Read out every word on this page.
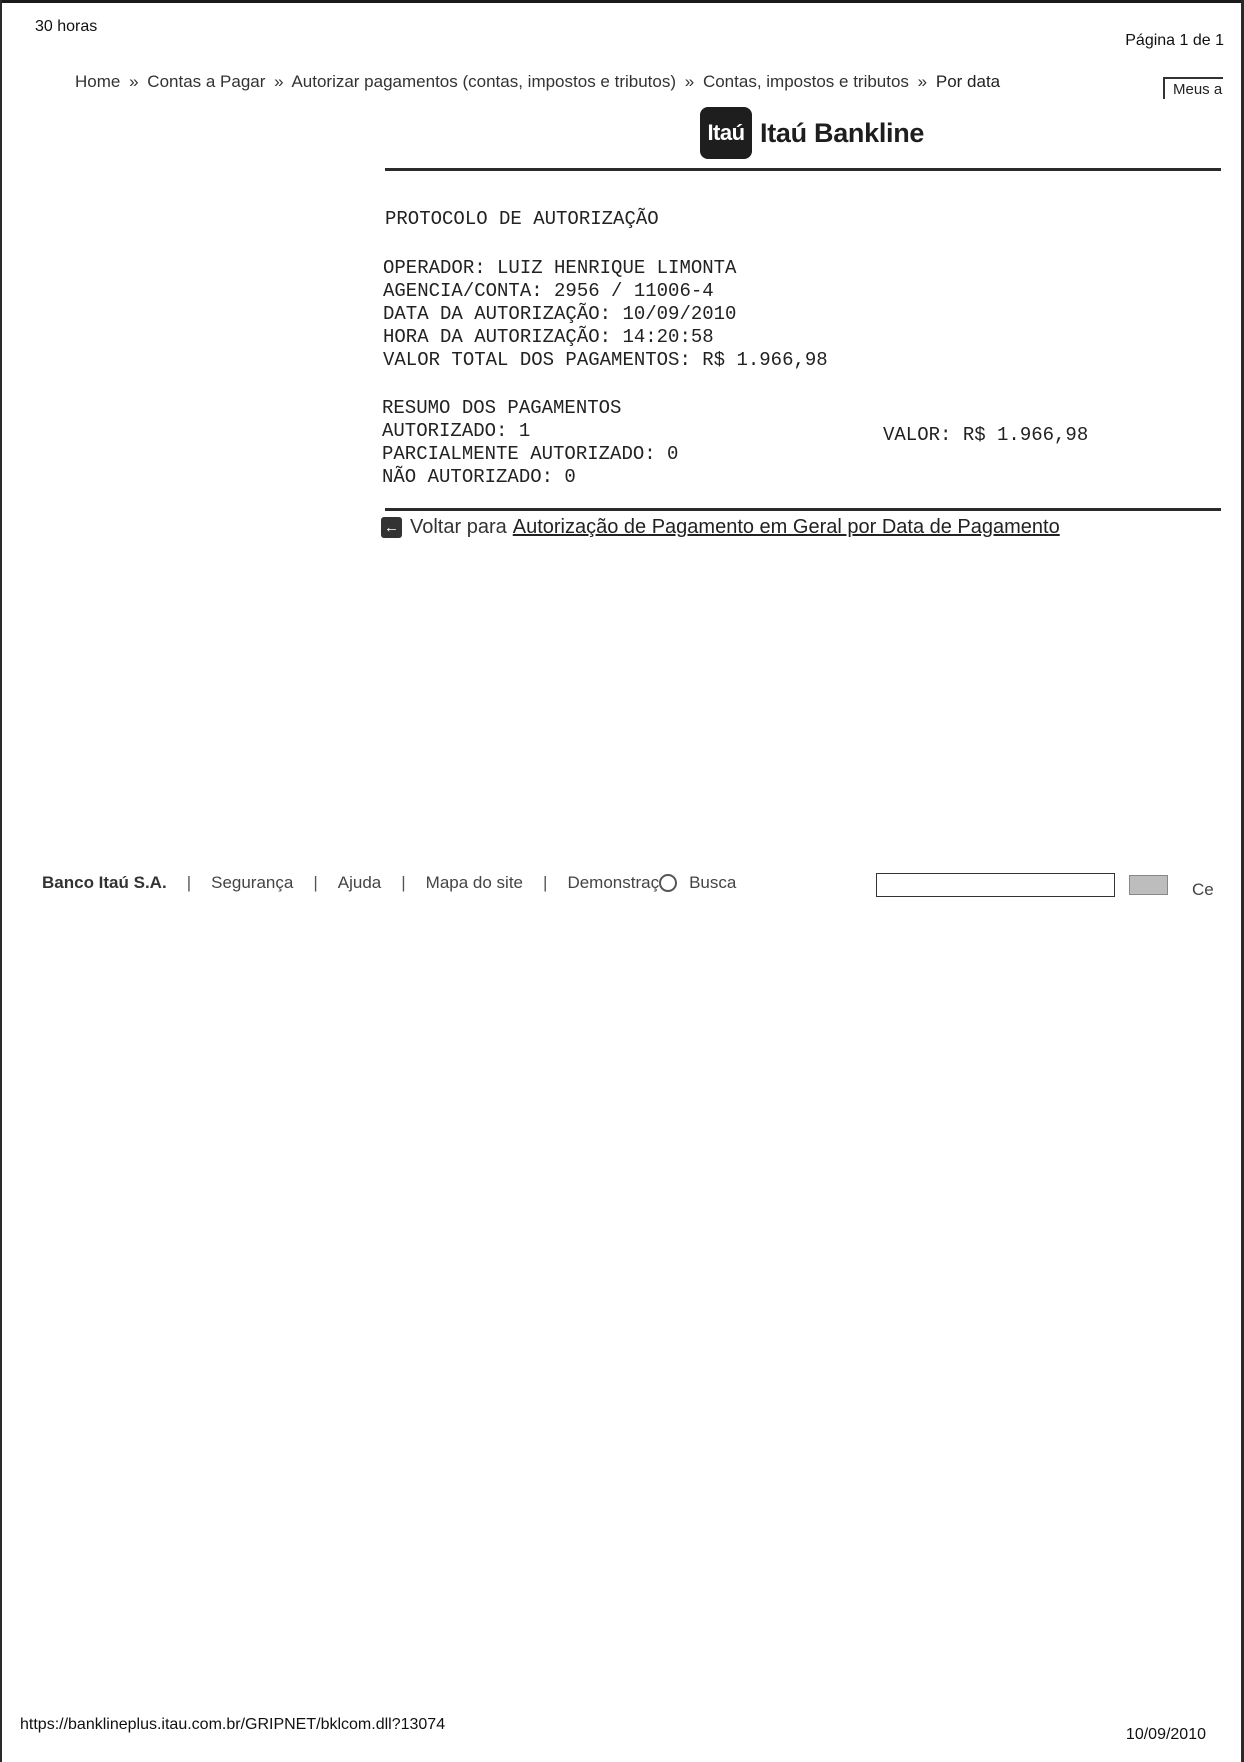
30 horas
Página 1 de 1
Home » Contas a Pagar » Autorizar pagamentos (contas, impostos e tributos) » Contas, impostos e tributos » Por data	Meus a
Itaú Itaú Bankline
PROTOCOLO DE AUTORIZAÇÃO
OPERADOR: LUIZ HENRIQUE LIMONTA
AGENCIA/CONTA: 2956 / 11006-4
DATA DA AUTORIZAÇÃO: 10/09/2010
HORA DA AUTORIZAÇÃO: 14:20:58
VALOR TOTAL DOS PAGAMENTOS: R$ 1.966,98
RESUMO DOS PAGAMENTOS
AUTORIZADO: 1
PARCIALMENTE AUTORIZADO: 0
NÃO AUTORIZADO: 0
VALOR: R$ 1.966,98
← Voltar para Autorização de Pagamento em Geral por Data de Pagamento
Banco Itaú S.A. | Segurança | Ajuda | Mapa do site | Demonstraç Busca	Ce
https://banklineplus.itau.com.br/GRIPNET/bklcom.dll?13074
10/09/2010
